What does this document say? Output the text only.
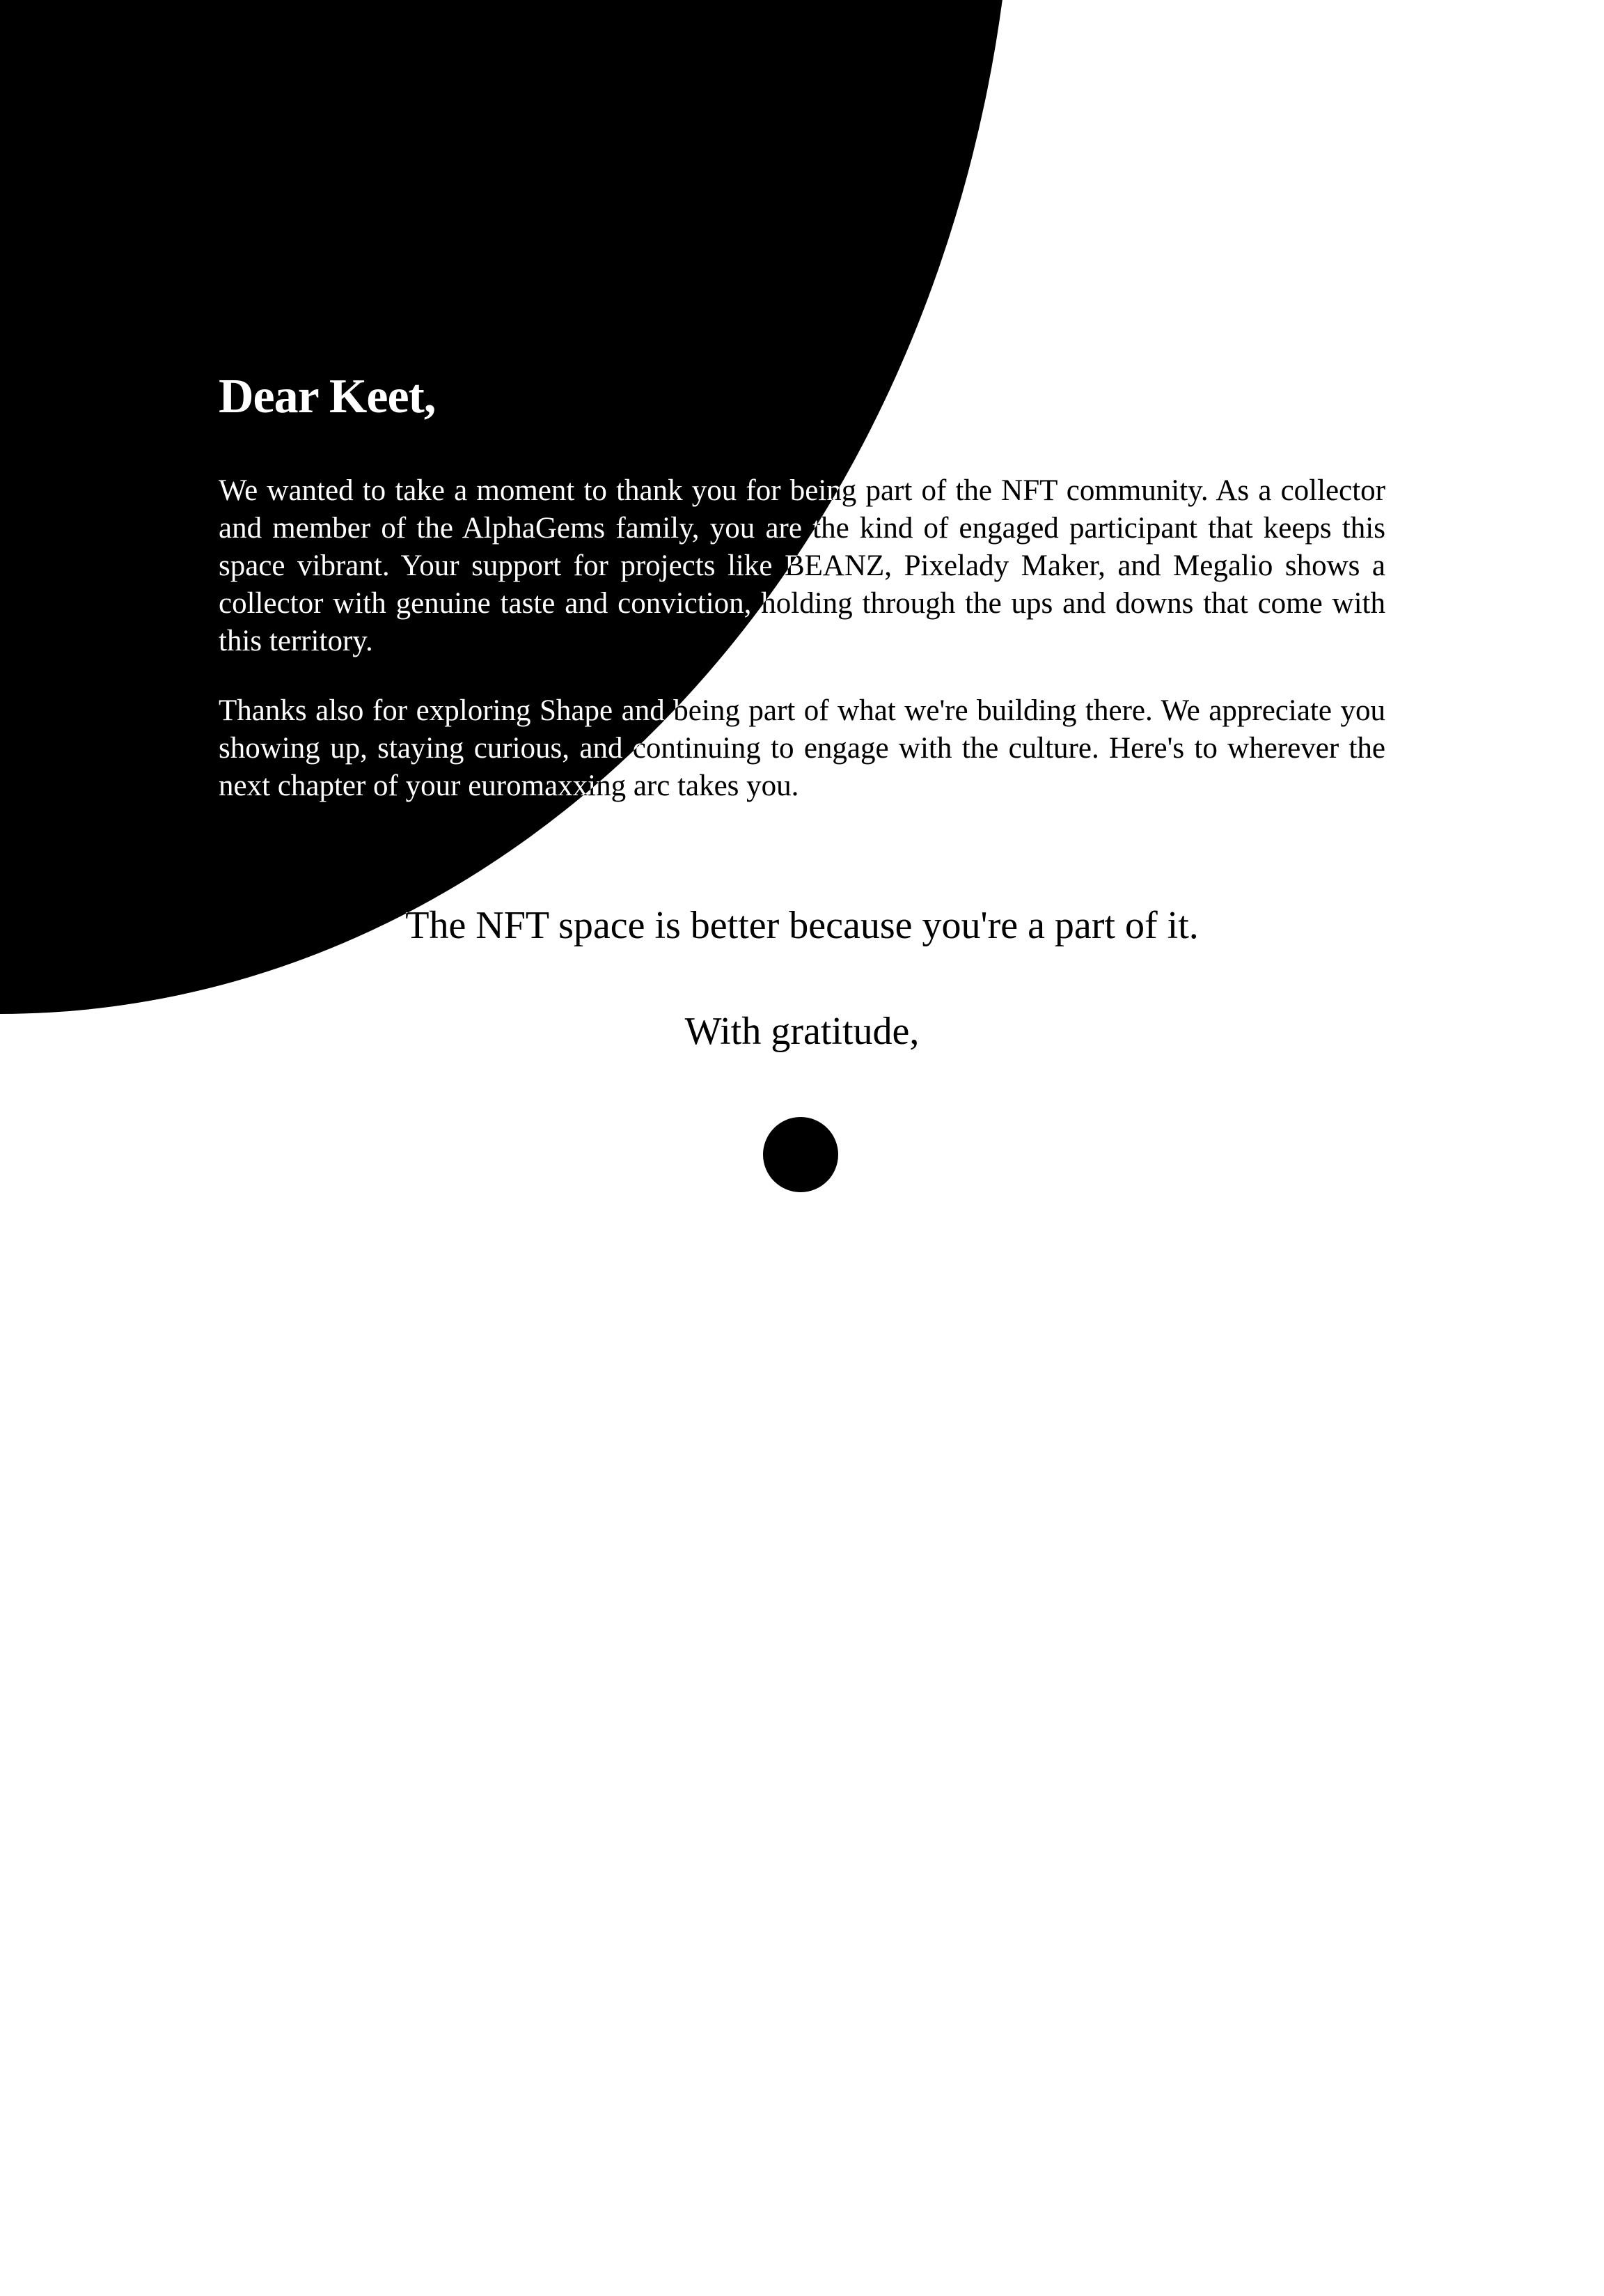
Dear Keet,

We wanted to take a moment to thank you for being part of the NFT community. As a collector and member of the AlphaGems family, you are the kind of engaged participant that keeps this space vibrant. Your support for projects like BEANZ, Pixelady Maker, and Megalio shows a collector with genuine taste and conviction, holding through the ups and downs that come with this territory.

Thanks also for exploring Shape and being part of what we're building there. We appreciate you showing up, staying curious, and continuing to engage with the culture. Here's to wherever the next chapter of your euromaxxing arc takes you.

The NFT space is better because you're a part of it.

With gratitude,
